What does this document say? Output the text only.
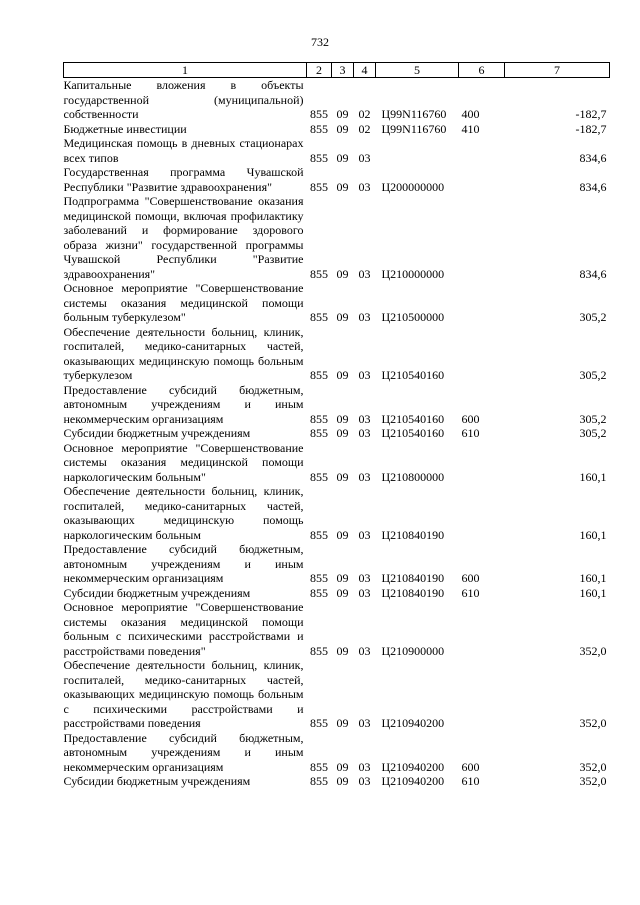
732
1	2	3	4	5	6	7
Капитальные вложения в объекты государственной (муниципальной) собственности	855	09	02	Ц99N116760	400	-182,7
Бюджетные инвестиции	855	09	02	Ц99N116760	410	-182,7
Медицинская помощь в дневных стационарах всех типов	855	09	03			834,6
Государственная программа Чувашской Республики "Развитие здравоохранения"	855	09	03	Ц200000000		834,6
Подпрограмма "Совершенствование оказания медицинской помощи, включая профилактику заболеваний и формирование здорового образа жизни" государственной программы Чувашской Республики "Развитие здравоохранения"	855	09	03	Ц210000000		834,6
Основное мероприятие "Совершенствование системы оказания медицинской помощи больным туберкулезом"	855	09	03	Ц210500000		305,2
Обеспечение деятельности больниц, клиник, госпиталей, медико-санитарных частей, оказывающих медицинскую помощь больным туберкулезом	855	09	03	Ц210540160		305,2
Предоставление субсидий бюджетным, автономным учреждениям и иным некоммерческим организациям	855	09	03	Ц210540160	600	305,2
Субсидии бюджетным учреждениям	855	09	03	Ц210540160	610	305,2
Основное мероприятие "Совершенствование системы оказания медицинской помощи наркологическим больным"	855	09	03	Ц210800000		160,1
Обеспечение деятельности больниц, клиник, госпиталей, медико-санитарных частей, оказывающих медицинскую помощь наркологическим больным	855	09	03	Ц210840190		160,1
Предоставление субсидий бюджетным, автономным учреждениям и иным некоммерческим организациям	855	09	03	Ц210840190	600	160,1
Субсидии бюджетным учреждениям	855	09	03	Ц210840190	610	160,1
Основное мероприятие "Совершенствование системы оказания медицинской помощи больным с психическими расстройствами и расстройствами поведения"	855	09	03	Ц210900000		352,0
Обеспечение деятельности больниц, клиник, госпиталей, медико-санитарных частей, оказывающих медицинскую помощь больным с психическими расстройствами и расстройствами поведения	855	09	03	Ц210940200		352,0
Предоставление субсидий бюджетным, автономным учреждениям и иным некоммерческим организациям	855	09	03	Ц210940200	600	352,0
Субсидии бюджетным учреждениям	855	09	03	Ц210940200	610	352,0
